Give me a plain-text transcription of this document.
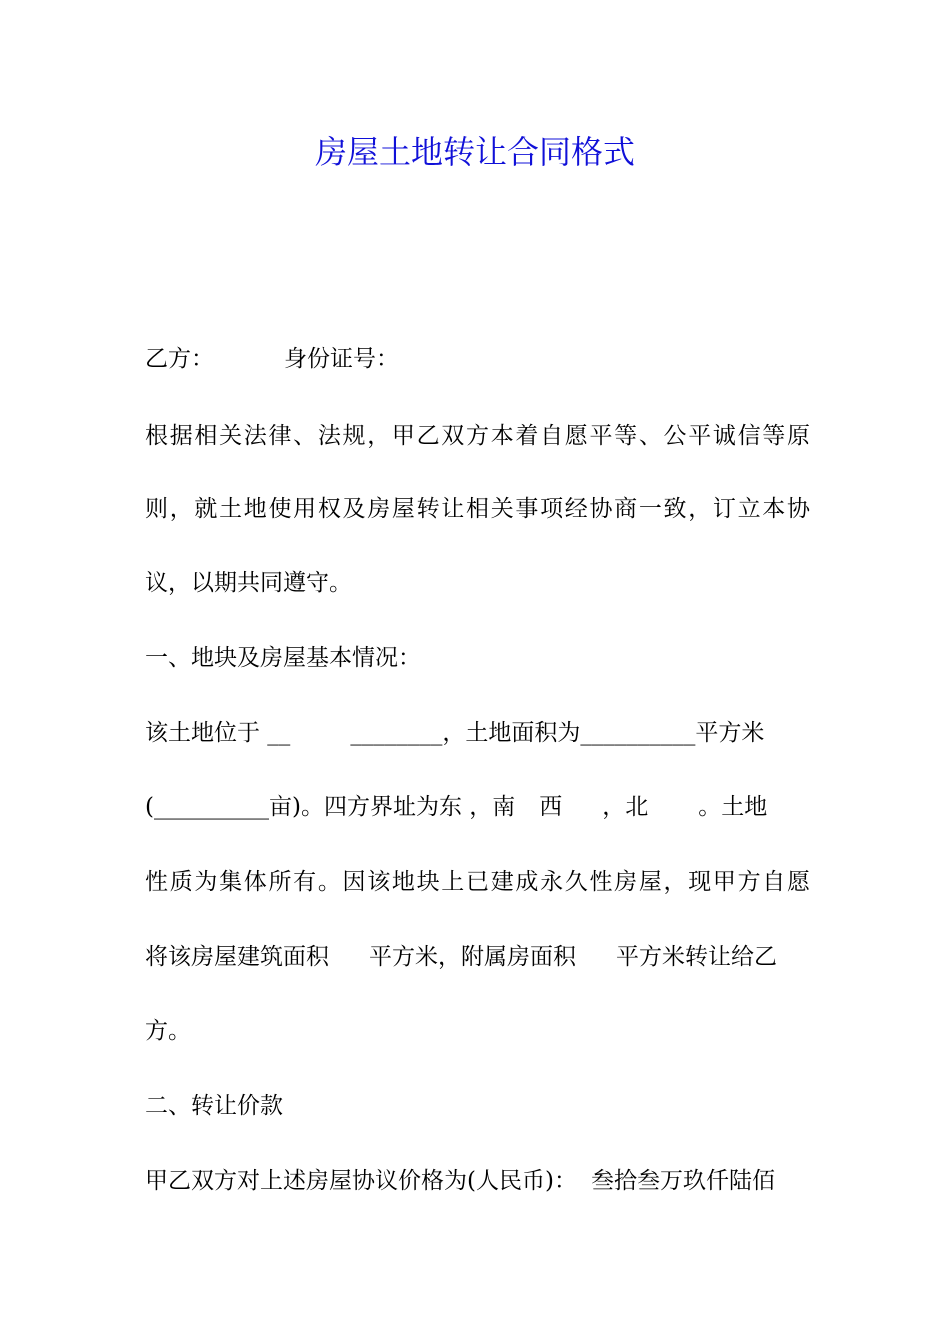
房屋土地转让合同格式
乙方：	身份证号：
根据相关法律、法规，甲乙双方本着自愿平等、公平诚信等原
则，就土地使用权及房屋转让相关事项经协商一致，订立本协
议，以期共同遵守。
一、地块及房屋基本情况：
该土地位于 __	________，土地面积为__________平方米
(__________亩)。四方界址为东 ，南 西 ，北 。土地
性质为集体所有。因该地块上已建成永久性房屋，现甲方自愿
将该房屋建筑面积 平方米，附属房面积 平方米转让给乙
方。
二、转让价款
甲乙双方对上述房屋协议价格为(人民币)： 叁拾叁万玖仟陆佰
